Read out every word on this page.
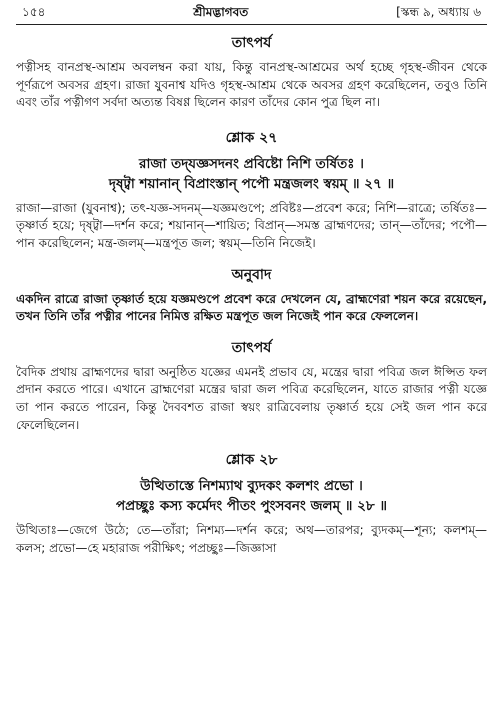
১৫৪	শ্রীমদ্ভাগবত	[স্কন্ধ ৯, অধ্যায় ৬
তাৎপর্য

পত্নীসহ বানপ্রস্থ-আশ্রম অবলম্বন করা যায়, কিন্তু বানপ্রস্থ-আশ্রমের অর্থ হচ্ছে গৃহস্থ-জীবন থেকে পূর্ণরূপে অবসর গ্রহণ। রাজা যুবনাশ্ব যদিও গৃহস্থ-আশ্রম থেকে অবসর গ্রহণ করেছিলেন, তবুও তিনি এবং তাঁর পত্নীগণ সর্বদা অত্যন্ত বিষণ্ণ ছিলেন কারণ তাঁদের কোন পুত্র ছিল না।

শ্লোক ২৭

রাজা তদ্‌যজ্ঞসদনং প্রবিষ্টো নিশি তর্ষিতঃ ।
দৃষ্ট্বা শয়ানান্‌ বিপ্রাংস্তান্‌ পপৌ মন্ত্রজলং স্বয়ম্‌ ॥ ২৭ ॥

রাজা—রাজা (যুবনাশ্ব); তৎ-যজ্ঞ-সদনম্‌—যজ্ঞমণ্ডপে; প্রবিষ্টঃ—প্রবেশ করে; নিশি—রাত্রে; তর্ষিতঃ—তৃষ্ণার্ত হয়ে; দৃষ্ট্বা—দর্শন করে; শয়ানান্‌—শায়িত; বিপ্রান্‌—সমস্ত ব্রাহ্মণদের; তান্‌—তাঁদের; পপৌ—পান করেছিলেন; মন্ত্র-জলম্‌—মন্ত্রপূত জল; স্বয়ম্‌—তিনি নিজেই।

অনুবাদ

একদিন রাত্রে রাজা তৃষ্ণার্ত হয়ে যজ্ঞমণ্ডপে প্রবেশ করে দেখলেন যে, ব্রাহ্মণেরা শয়ন করে রয়েছেন, তখন তিনি তাঁর পত্নীর পানের নিমিত্ত রক্ষিত মন্ত্রপূত জল নিজেই পান করে ফেললেন।

তাৎপর্য

বৈদিক প্রথায় ব্রাহ্মণদের দ্বারা অনুষ্ঠিত যজ্ঞের এমনই প্রভাব যে, মন্ত্রের দ্বারা পবিত্র জল ঈপ্সিত ফল প্রদান করতে পারে। এখানে ব্রাহ্মণেরা মন্ত্রের দ্বারা জল পবিত্র করেছিলেন, যাতে রাজার পত্নী যজ্ঞে তা পান করতে পারেন, কিন্তু দৈববশত রাজা স্বয়ং রাত্রিবেলায় তৃষ্ণার্ত হয়ে সেই জল পান করে ফেলেছিলেন।

শ্লোক ২৮

উত্থিতাস্তে নিশম্যাথ ব্যুদকং কলশং প্রভো ।
পপ্রচ্ছুঃ কস্য কর্মেদং পীতং পুংসবনং জলম্‌ ॥ ২৮ ॥

উত্থিতাঃ—জেগে উঠে; তে—তাঁরা; নিশম্য—দর্শন করে; অথ—তারপর; ব্যুদকম্‌—শূন্য; কলশম্‌—কলস; প্রভো—হে মহারাজ পরীক্ষিৎ; পপ্রচ্ছুঃ—জিজ্ঞাসা
